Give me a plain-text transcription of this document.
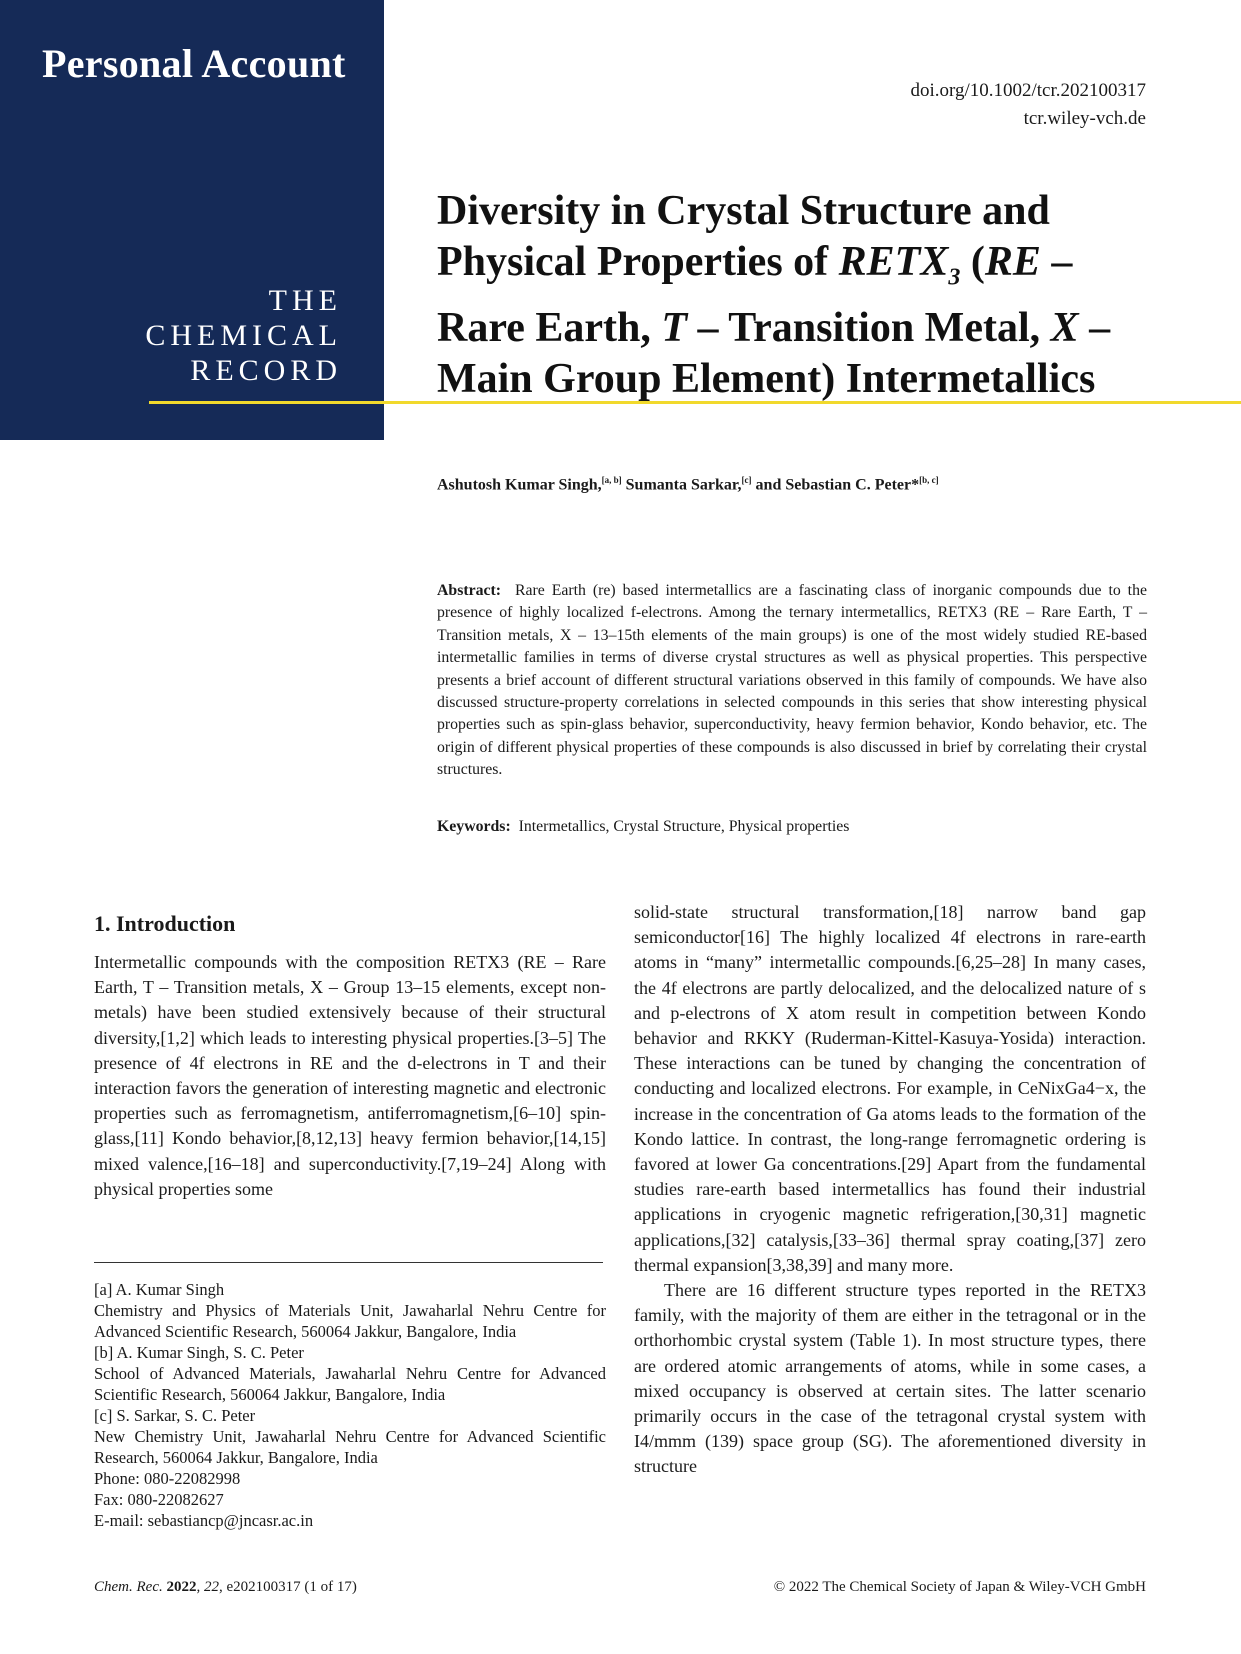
Personal Account
THE
CHEMICAL
RECORD
doi.org/10.1002/tcr.202100317
tcr.wiley-vch.de
Diversity in Crystal Structure and Physical Properties of $RETX_3$ (RE – Rare Earth, T – Transition Metal, X – Main Group Element) Intermetallics
Ashutosh Kumar Singh,[a, b] Sumanta Sarkar,[c] and Sebastian C. Peter*[b, c]

Abstract: Rare Earth (re) based intermetallics are a fascinating class of inorganic compounds due to the presence of highly localized f-electrons. Among the ternary intermetallics, RETX3 (RE – Rare Earth, T – Transition metals, X – 13–15th elements of the main groups) is one of the most widely studied RE-based intermetallic families in terms of diverse crystal structures as well as physical properties. This perspective presents a brief account of different structural variations observed in this family of compounds. We have also discussed structure-property correlations in selected compounds in this series that show interesting physical properties such as spin-glass behavior, superconductivity, heavy fermion behavior, Kondo behavior, etc. The origin of different physical properties of these compounds is also discussed in brief by correlating their crystal structures.

Keywords: Intermetallics, Crystal Structure, Physical properties
1. Introduction

Intermetallic compounds with the composition RETX3 (RE – Rare Earth, T – Transition metals, X – Group 13–15 elements, except non-metals) have been studied extensively because of their structural diversity,[1,2] which leads to interesting physical properties.[3–5] The presence of 4f electrons in RE and the d-electrons in T and their interaction favors the generation of interesting magnetic and electronic properties such as ferromagnetism, antiferromagnetism,[6–10] spin-glass,[11] Kondo behavior,[8,12,13] heavy fermion behavior,[14,15] mixed valence,[16–18] and superconductivity.[7,19–24] Along with physical properties some

[a] A. Kumar Singh
Chemistry and Physics of Materials Unit, Jawaharlal Nehru Centre for Advanced Scientific Research, 560064 Jakkur, Bangalore, India
[b] A. Kumar Singh, S. C. Peter
School of Advanced Materials, Jawaharlal Nehru Centre for Advanced Scientific Research, 560064 Jakkur, Bangalore, India
[c] S. Sarkar, S. C. Peter
New Chemistry Unit, Jawaharlal Nehru Centre for Advanced Scientific Research, 560064 Jakkur, Bangalore, India
Phone: 080-22082998
Fax: 080-22082627
E-mail: sebastiancp@jncasr.ac.in

solid-state structural transformation,[18] narrow band gap semiconductor[16] The highly localized 4f electrons in rare-earth atoms in “many” intermetallic compounds.[6,25–28] In many cases, the 4f electrons are partly delocalized, and the delocalized nature of s and p-electrons of X atom result in competition between Kondo behavior and RKKY (Ruderman-Kittel-Kasuya-Yosida) interaction. These interactions can be tuned by changing the concentration of conducting and localized electrons. For example, in CeNixGa4−x, the increase in the concentration of Ga atoms leads to the formation of the Kondo lattice. In contrast, the long-range ferromagnetic ordering is favored at lower Ga concentrations.[29] Apart from the fundamental studies rare-earth based intermetallics has found their industrial applications in cryogenic magnetic refrigeration,[30,31] magnetic applications,[32] catalysis,[33–36] thermal spray coating,[37] zero thermal expansion[3,38,39] and many more.

There are 16 different structure types reported in the RETX3 family, with the majority of them are either in the tetragonal or in the orthorhombic crystal system (Table 1). In most structure types, there are ordered atomic arrangements of atoms, while in some cases, a mixed occupancy is observed at certain sites. The latter scenario primarily occurs in the case of the tetragonal crystal system with I4/mmm (139) space group (SG). The aforementioned diversity in structure

Chem. Rec. 2022, 22, e202100317 (1 of 17)	© 2022 The Chemical Society of Japan & Wiley-VCH GmbH
